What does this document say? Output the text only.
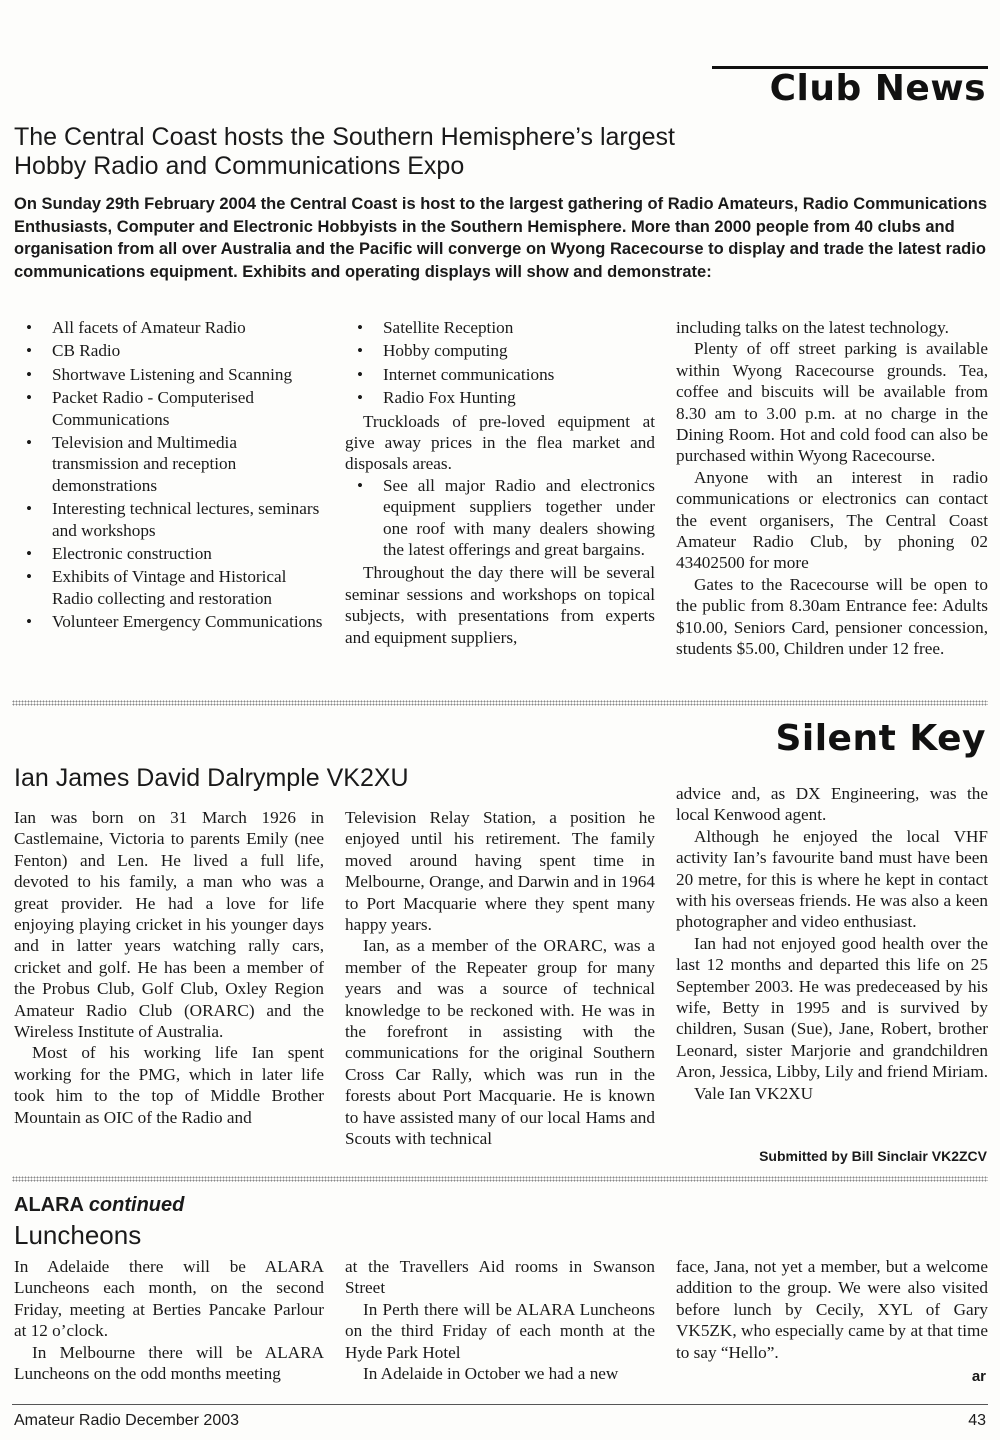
Club News
The Central Coast hosts the Southern Hemisphere’s largest
Hobby Radio and Communications Expo
On Sunday 29th February 2004 the Central Coast is host to the largest gathering of Radio Amateurs, Radio Communications Enthusiasts, Computer and Electronic Hobbyists in the Southern Hemisphere. More than 2000 people from 40 clubs and organisation from all over Australia and the Pacific will converge on Wyong Racecourse to display and trade the latest radio communications equipment. Exhibits and operating displays will show and demonstrate:
• All facets of Amateur Radio
• CB Radio
• Shortwave Listening and Scanning
• Packet Radio - Computerised Communications
• Television and Multimedia transmission and reception demonstrations
• Interesting technical lectures, seminars and workshops
• Electronic construction
• Exhibits of Vintage and Historical Radio collecting and restoration
• Volunteer Emergency Communications
• Satellite Reception
• Hobby computing
• Internet communications
• Radio Fox Hunting

Truckloads of pre-loved equipment at give away prices in the flea market and disposals areas.

• See all major Radio and electronics equipment suppliers together under one roof with many dealers showing the latest offerings and great bargains.

Throughout the day there will be several seminar sessions and workshops on topical subjects, with presentations from experts and equipment suppliers,

including talks on the latest technology.

Plenty of off street parking is available within Wyong Racecourse grounds. Tea, coffee and biscuits will be available from 8.30 am to 3.00 p.m. at no charge in the Dining Room. Hot and cold food can also be purchased within Wyong Racecourse.

Anyone with an interest in radio communications or electronics can contact the event organisers, The Central Coast Amateur Radio Club, by phoning 02 43402500 for more

Gates to the Racecourse will be open to the public from 8.30am Entrance fee: Adults $10.00, Seniors Card, pensioner concession, students $5.00, Children under 12 free.

Silent Key
Ian James David Dalrymple VK2XU

Ian was born on 31 March 1926 in Castlemaine, Victoria to parents Emily (nee Fenton) and Len. He lived a full life, devoted to his family, a man who was a great provider. He had a love for life enjoying playing cricket in his younger days and in latter years watching rally cars, cricket and golf. He has been a member of the Probus Club, Golf Club, Oxley Region Amateur Radio Club (ORARC) and the Wireless Institute of Australia.

Most of his working life Ian spent working for the PMG, which in later life took him to the top of Middle Brother Mountain as OIC of the Radio and

Television Relay Station, a position he enjoyed until his retirement. The family moved around having spent time in Melbourne, Orange, and Darwin and in 1964 to Port Macquarie where they spent many happy years.

Ian, as a member of the ORARC, was a member of the Repeater group for many years and was a source of technical knowledge to be reckoned with. He was in the forefront in assisting with the communications for the original Southern Cross Car Rally, which was run in the forests about Port Macquarie. He is known to have assisted many of our local Hams and Scouts with technical

advice and, as DX Engineering, was the local Kenwood agent.

Although he enjoyed the local VHF activity Ian’s favourite band must have been 20 metre, for this is where he kept in contact with his overseas friends. He was also a keen photographer and video enthusiast.

Ian had not enjoyed good health over the last 12 months and departed this life on 25 September 2003. He was predeceased by his wife, Betty in 1995 and is survived by children, Susan (Sue), Jane, Robert, brother Leonard, sister Marjorie and grandchildren Aron, Jessica, Libby, Lily and friend Miriam.

Vale Ian VK2XU

Submitted by Bill Sinclair VK2ZCV
ALARA continued
Luncheons

In Adelaide there will be ALARA Luncheons each month, on the second Friday, meeting at Berties Pancake Parlour at 12 o’clock.

In Melbourne there will be ALARA Luncheons on the odd months meeting

at the Travellers Aid rooms in Swanson Street

In Perth there will be ALARA Luncheons on the third Friday of each month at the Hyde Park Hotel

In Adelaide in October we had a new

face, Jana, not yet a member, but a welcome addition to the group. We were also visited before lunch by Cecily, XYL of Gary VK5ZK, who especially came by at that time to say “Hello”.

ar
Amateur Radio December 2003	43
